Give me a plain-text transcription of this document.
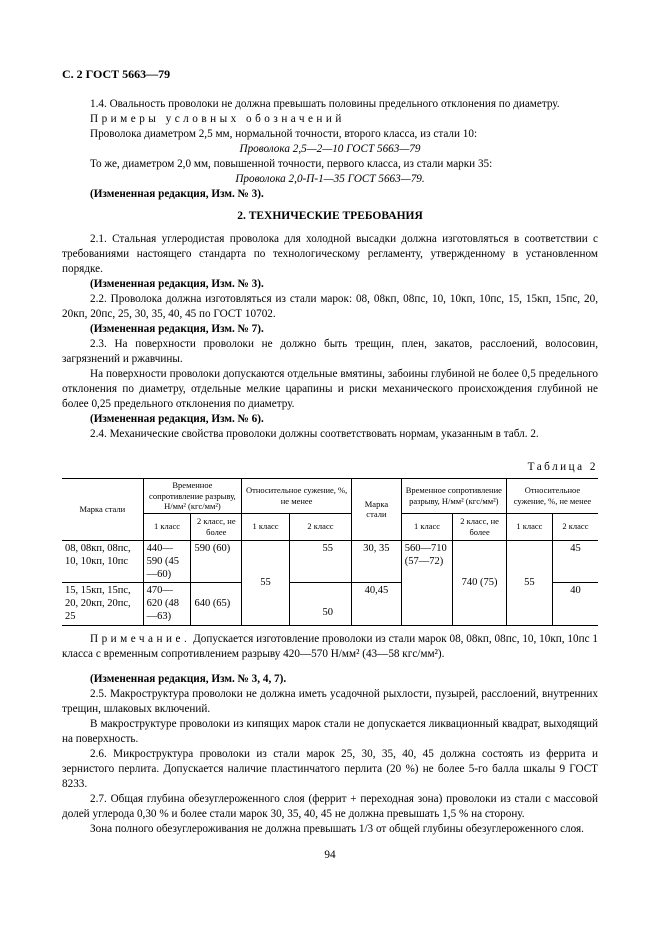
С. 2 ГОСТ 5663—79

1.4. Овальность проволоки не должна превышать половины предельного отклонения по диаметру.

Примеры условных обозначений

Проволока диаметром 2,5 мм, нормальной точности, второго класса, из стали 10:

Проволока 2,5—2—10 ГОСТ 5663—79

То же, диаметром 2,0 мм, повышенной точности, первого класса, из стали марки 35:

Проволока 2,0-П-1—35 ГОСТ 5663—79.

(Измененная редакция, Изм. № 3).

2. ТЕХНИЧЕСКИЕ ТРЕБОВАНИЯ

2.1. Стальная углеродистая проволока для холодной высадки должна изготовляться в соответствии с требованиями настоящего стандарта по технологическому регламенту, утвержденному в установленном порядке.

(Измененная редакция, Изм. № 3).

2.2. Проволока должна изготовляться из стали марок: 08, 08кп, 08пс, 10, 10кп, 10пс, 15, 15кп, 15пс, 20, 20кп, 20пс, 25, 30, 35, 40, 45 по ГОСТ 10702.

(Измененная редакция, Изм. № 7).

2.3. На поверхности проволоки не должно быть трещин, плен, закатов, расслоений, волосовин, загрязнений и ржавчины.

На поверхности проволоки допускаются отдельные вмятины, забоины глубиной не более 0,5 предельного отклонения по диаметру, отдельные мелкие царапины и риски механического происхождения глубиной не более 0,25 предельного отклонения по диаметру.

(Измененная редакция, Изм. № 6).

2.4. Механические свойства проволоки должны соответствовать нормам, указанным в табл. 2.

Таблица 2
Марка стали	Временное сопротивление разрыву, Н/мм² (кгс/мм²)		Относительное сужение, %, не менее		Марка стали	Временное сопротивление разрыву, Н/мм² (кгс/мм²)		Относительное сужение, %, не менее	
	1 класс	2 класс, не более	1 класс	2 класс		1 класс	2 класс, не более	1 класс	2 класс
08, 08кп, 08пс, 10, 10кп, 10пс	440—590 (45—60)	590 (60)	55	55	30, 35	560—710 (57—72)	740 (75)	55	45
15, 15кп, 15пс, 20, 20кп, 20пс, 25	470—620 (48—63)	640 (65)		50	40,45				40

Примечание. Допускается изготовление проволоки из стали марок 08, 08кп, 08пс, 10, 10кп, 10пс 1 класса с временным сопротивлением разрыву 420—570 Н/мм² (43—58 кгс/мм²).

(Измененная редакция, Изм. № 3, 4, 7).

2.5. Макроструктура проволоки не должна иметь усадочной рыхлости, пузырей, расслоений, внутренних трещин, шлаковых включений.

В макроструктуре проволоки из кипящих марок стали не допускается ликвационный квадрат, выходящий на поверхность.

2.6. Микроструктура проволоки из стали марок 25, 30, 35, 40, 45 должна состоять из феррита и зернистого перлита. Допускается наличие пластинчатого перлита (20 %) не более 5-го балла шкалы 9 ГОСТ 8233.

2.7. Общая глубина обезуглероженного слоя (феррит + переходная зона) проволоки из стали с массовой долей углерода 0,30 % и более стали марок 30, 35, 40, 45 не должна превышать 1,5 % на сторону.

Зона полного обезуглероживания не должна превышать 1/3 от общей глубины обезуглероженного слоя.

94
